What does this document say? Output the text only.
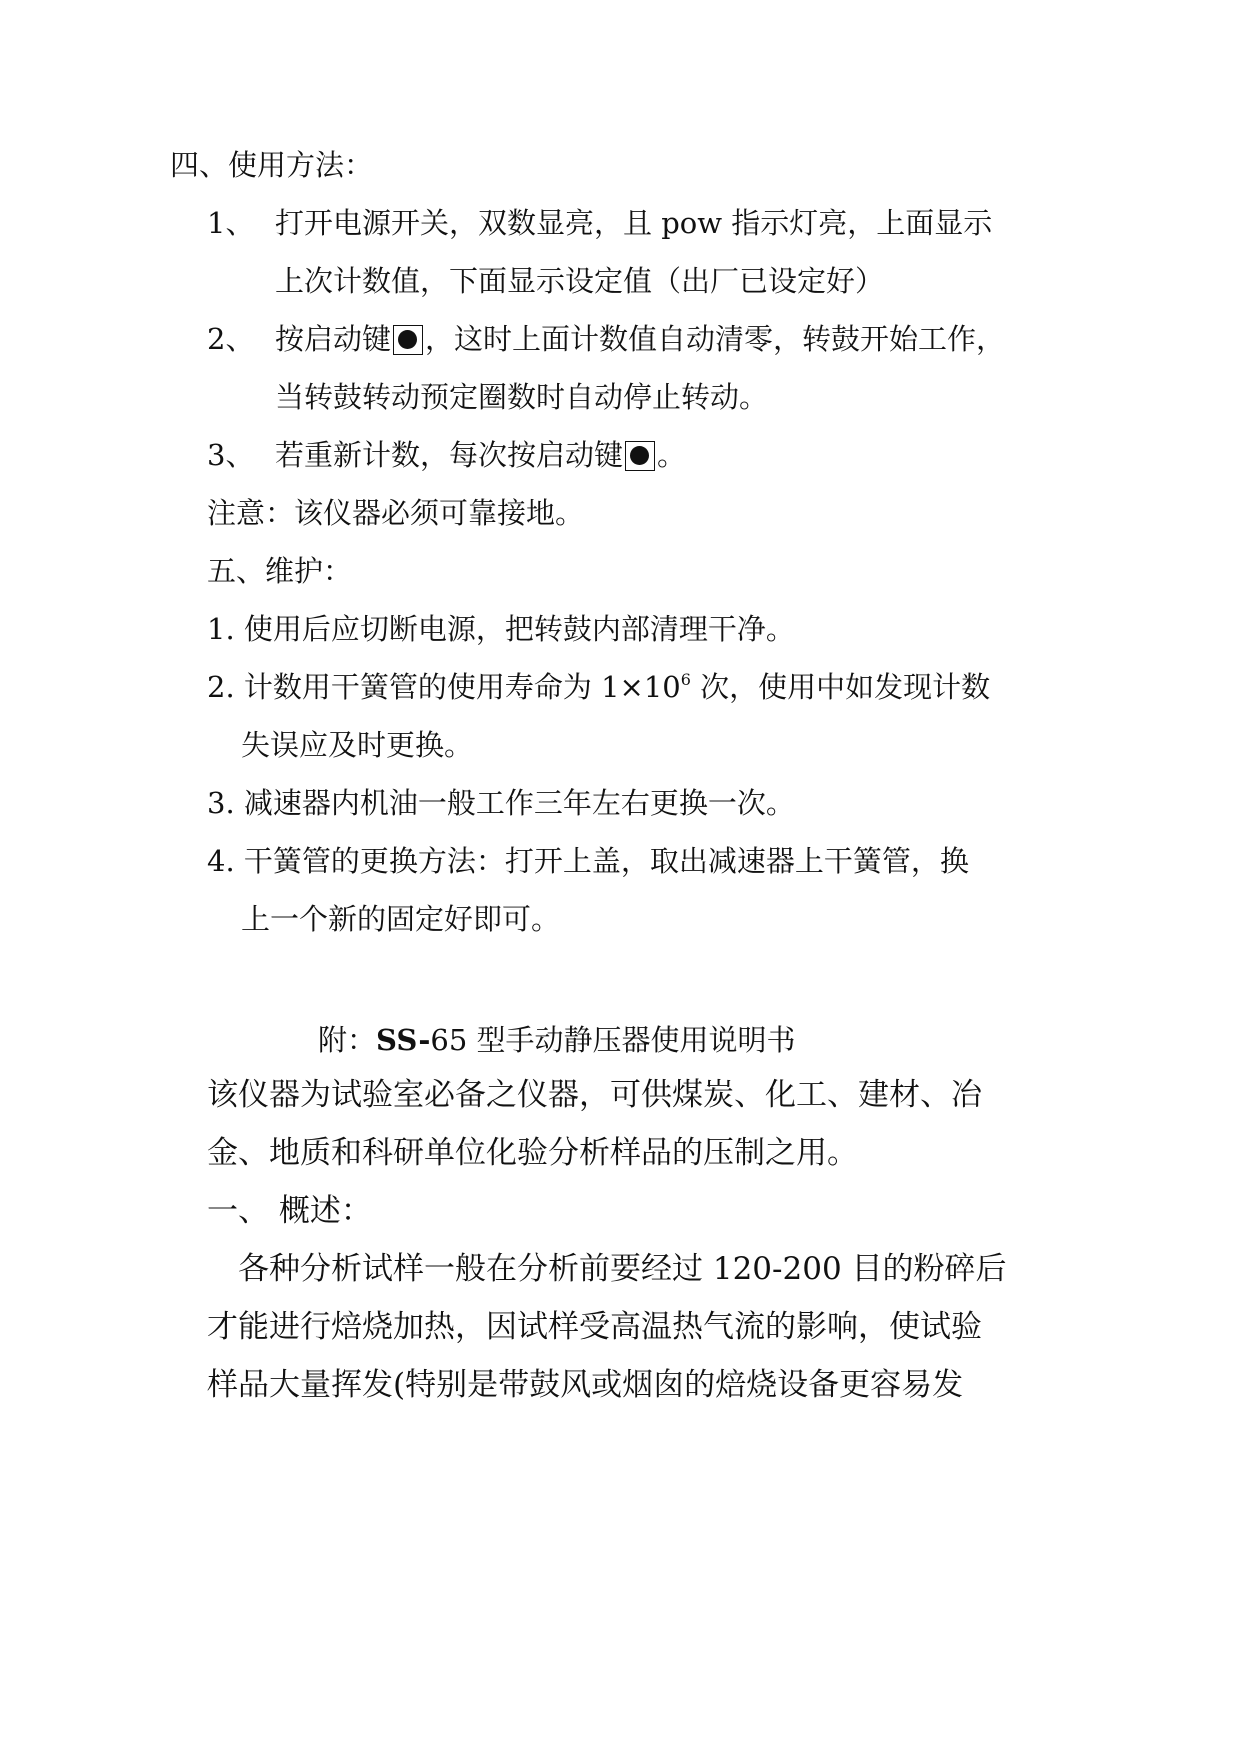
四、使用方法：
1、 打开电源开关，双数显亮，且 pow 指示灯亮，上面显示
上次计数值，下面显示设定值（出厂已设定好）
2、 按启动键 ，这时上面计数值自动清零，转鼓开始工作，
当转鼓转动预定圈数时自动停止转动。
3、 若重新计数，每次按启动键 。
注意：该仪器必须可靠接地。
五、维护：
1. 使用后应切断电源，把转鼓内部清理干净。
2. 计数用干簧管的使用寿命为 $1\times 10^6$ 次，使用中如发现计数
失误应及时更换。
3. 减速器内机油一般工作三年左右更换一次。
4. 干簧管的更换方法：打开上盖，取出减速器上干簧管，换
上一个新的固定好即可。
附：SS-65 型手动静压器使用说明书
该仪器为试验室必备之仪器，可供煤炭、化工、建材、冶
金、地质和科研单位化验分析样品的压制之用。
一、 概述：
各种分析试样一般在分析前要经过 120-200 目的粉碎后
才能进行焙烧加热，因试样受高温热气流的影响，使试验
样品大量挥发(特别是带鼓风或烟囱的焙烧设备更容易发
